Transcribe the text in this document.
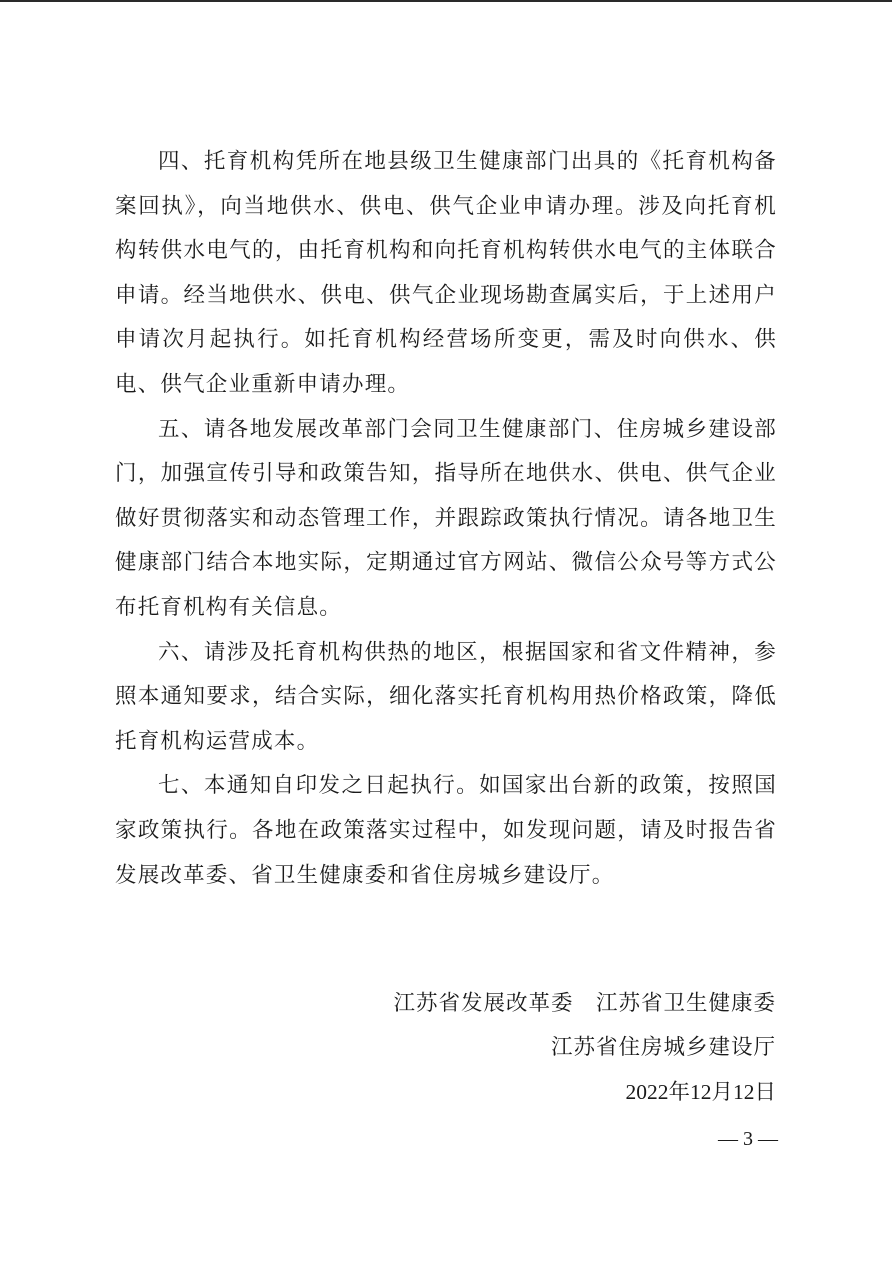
四、托育机构凭所在地县级卫生健康部门出具的《托育机构备案回执》，向当地供水、供电、供气企业申请办理。涉及向托育机构转供水电气的，由托育机构和向托育机构转供水电气的主体联合申请。经当地供水、供电、供气企业现场勘查属实后，于上述用户申请次月起执行。如托育机构经营场所变更，需及时向供水、供电、供气企业重新申请办理。

五、请各地发展改革部门会同卫生健康部门、住房城乡建设部门，加强宣传引导和政策告知，指导所在地供水、供电、供气企业做好贯彻落实和动态管理工作，并跟踪政策执行情况。请各地卫生健康部门结合本地实际，定期通过官方网站、微信公众号等方式公布托育机构有关信息。

六、请涉及托育机构供热的地区，根据国家和省文件精神，参照本通知要求，结合实际，细化落实托育机构用热价格政策，降低托育机构运营成本。

七、本通知自印发之日起执行。如国家出台新的政策，按照国家政策执行。各地在政策落实过程中，如发现问题，请及时报告省发展改革委、省卫生健康委和省住房城乡建设厅。

江苏省发展改革委　江苏省卫生健康委
江苏省住房城乡建设厅
2022年12月12日
— 3 —
